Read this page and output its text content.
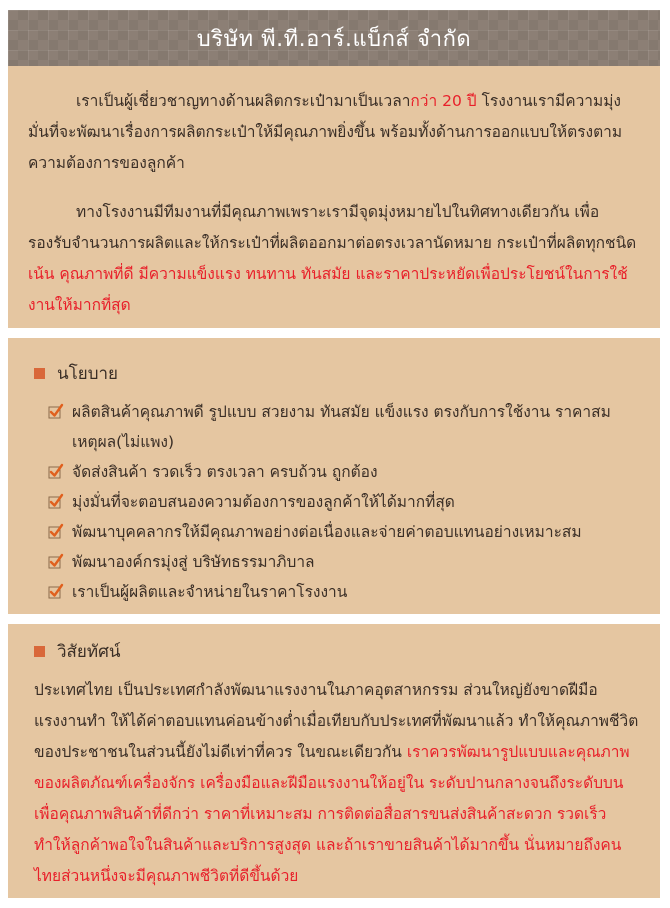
บริษัท พี.ที.อาร์.แบ็กส์ จำกัด

เราเป็นผู้เชี่ยวชาญทางด้านผลิตกระเป๋ามาเป็นเวลากว่า 20 ปี โรงงานเรามีความมุ่งมั่นที่จะพัฒนาเรื่องการผลิตกระเป๋าให้มีคุณภาพยิ่งขึ้น พร้อมทั้งด้านการออกแบบให้ตรงตามความต้องการของลูกค้า

ทางโรงงานมีทีมงานที่มีคุณภาพเพราะเรามีจุดมุ่งหมายไปในทิศทางเดียวกัน เพื่อรองรับจำนวนการผลิตและให้กระเป๋าที่ผลิตออกมาต่อตรงเวลานัดหมาย กระเป๋าที่ผลิตทุกชนิด เน้น คุณภาพที่ดี มีความแข็งแรง ทนทาน ทันสมัย และราคาประหยัดเพื่อประโยชน์ในการใช้งานให้มากที่สุด

นโยบาย
ผลิตสินค้าคุณภาพดี รูปแบบ สวยงาม ทันสมัย แข็งแรง ตรงกับการใช้งาน ราคาสมเหตุผล(ไม่แพง)
จัดส่งสินค้า รวดเร็ว ตรงเวลา ครบถ้วน ถูกต้อง
มุ่งมั่นที่จะตอบสนองความต้องการของลูกค้าให้ได้มากที่สุด
พัฒนาบุคคลากรให้มีคุณภาพอย่างต่อเนื่องและจ่ายค่าตอบแทนอย่างเหมาะสม
พัฒนาองค์กรมุ่งสู่ บริษัทธรรมาภิบาล
เราเป็นผู้ผลิตและจำหน่ายในราคาโรงงาน
วิสัยทัศน์

ประเทศไทย เป็นประเทศกำลังพัฒนาแรงงานในภาคอุตสาหกรรม ส่วนใหญ่ยังขาดฝีมือแรงงานทำ ให้ได้ค่าตอบแทนค่อนข้างต่ำเมื่อเทียบกับประเทศที่พัฒนาแล้ว ทำให้คุณภาพชีวิตของประชาชนในส่วนนี้ยังไม่ดีเท่าที่ควร ในขณะเดียวกัน เราควรพัฒนารูปแบบและคุณภาพของผลิตภัณฑ์เครื่องจักร เครื่องมือและฝีมือแรงงานให้อยู่ใน ระดับปานกลางจนถึงระดับบน เพื่อคุณภาพสินค้าที่ดีกว่า ราคาที่เหมาะสม การติดต่อสื่อสารขนส่งสินค้าสะดวก รวดเร็ว ทำให้ลูกค้าพอใจในสินค้าและบริการสูงสุด และถ้าเราขายสินค้าได้มากขึ้น นั่นหมายถึงคนไทยส่วนหนึ่งจะมีคุณภาพชีวิตที่ดีขึ้นด้วย
